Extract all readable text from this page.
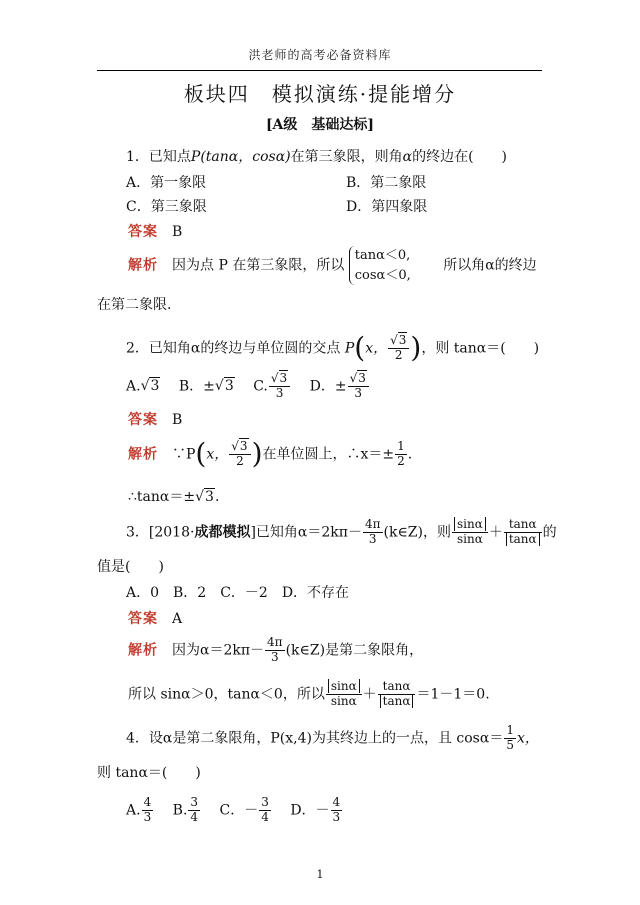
洪老师的高考必备资料库
板块四　模拟演练·提能增分
[A级　基础达标]
1．已知点P(tanα，cosα)在第三象限，则角α的终边在(　　)
A．第一象限	B．第二象限
C．第三象限	D．第四象限
答案　 B
解析　 因为点 P 在第三象限，所以
tanα＜0,
cosα＜0,
　　所以角α的终边
在第二象限.
2．已知角α的终边与单位圆的交点 P(x， $\frac{√3}{2}$ )，则 tanα＝(　　)
A.√3　 B．±√3　 C. $\frac{√3}{3}$
　 D．± $\frac{√3}{3}$
答案　 B
解析　 ∵P(x， $\frac{√3}{2}$ )在单位圆上，∴x＝± $\frac{1}{2}$ .
∴tanα＝±√3.
3．[2018·成都模拟]已知角$\alpha=2k\pi- \frac{4\pi}{3}$ (k∈Z)，则 $\frac{\sin\alpha}{\sin\alpha} + \frac{\tan\alpha}{\tan\alpha}$ 的
值是(　　)
A．0　B．2　C．－2　D．不存在
答案　 A
解析　 因为$\alpha=2k\pi- \frac{4\pi}{3}$ (k∈Z)是第二象限角，
所以 sinα＞0，tanα＜0，所以 $\frac{\sin\alpha}{\sin\alpha} + \frac{\tan\alpha}{\tan\alpha} =1-1=0$.
4．设α是第二象限角，P(x,4)为其终边上的一点，且 $\cos\alpha= \frac{1}{5}$ x，
则 tanα＝(　　)
A. $\frac{4}{3}$
　 B. $\frac{3}{4}$
　 C．－ $\frac{3}{4}$
　 D．－ $\frac{4}{3}$
1
